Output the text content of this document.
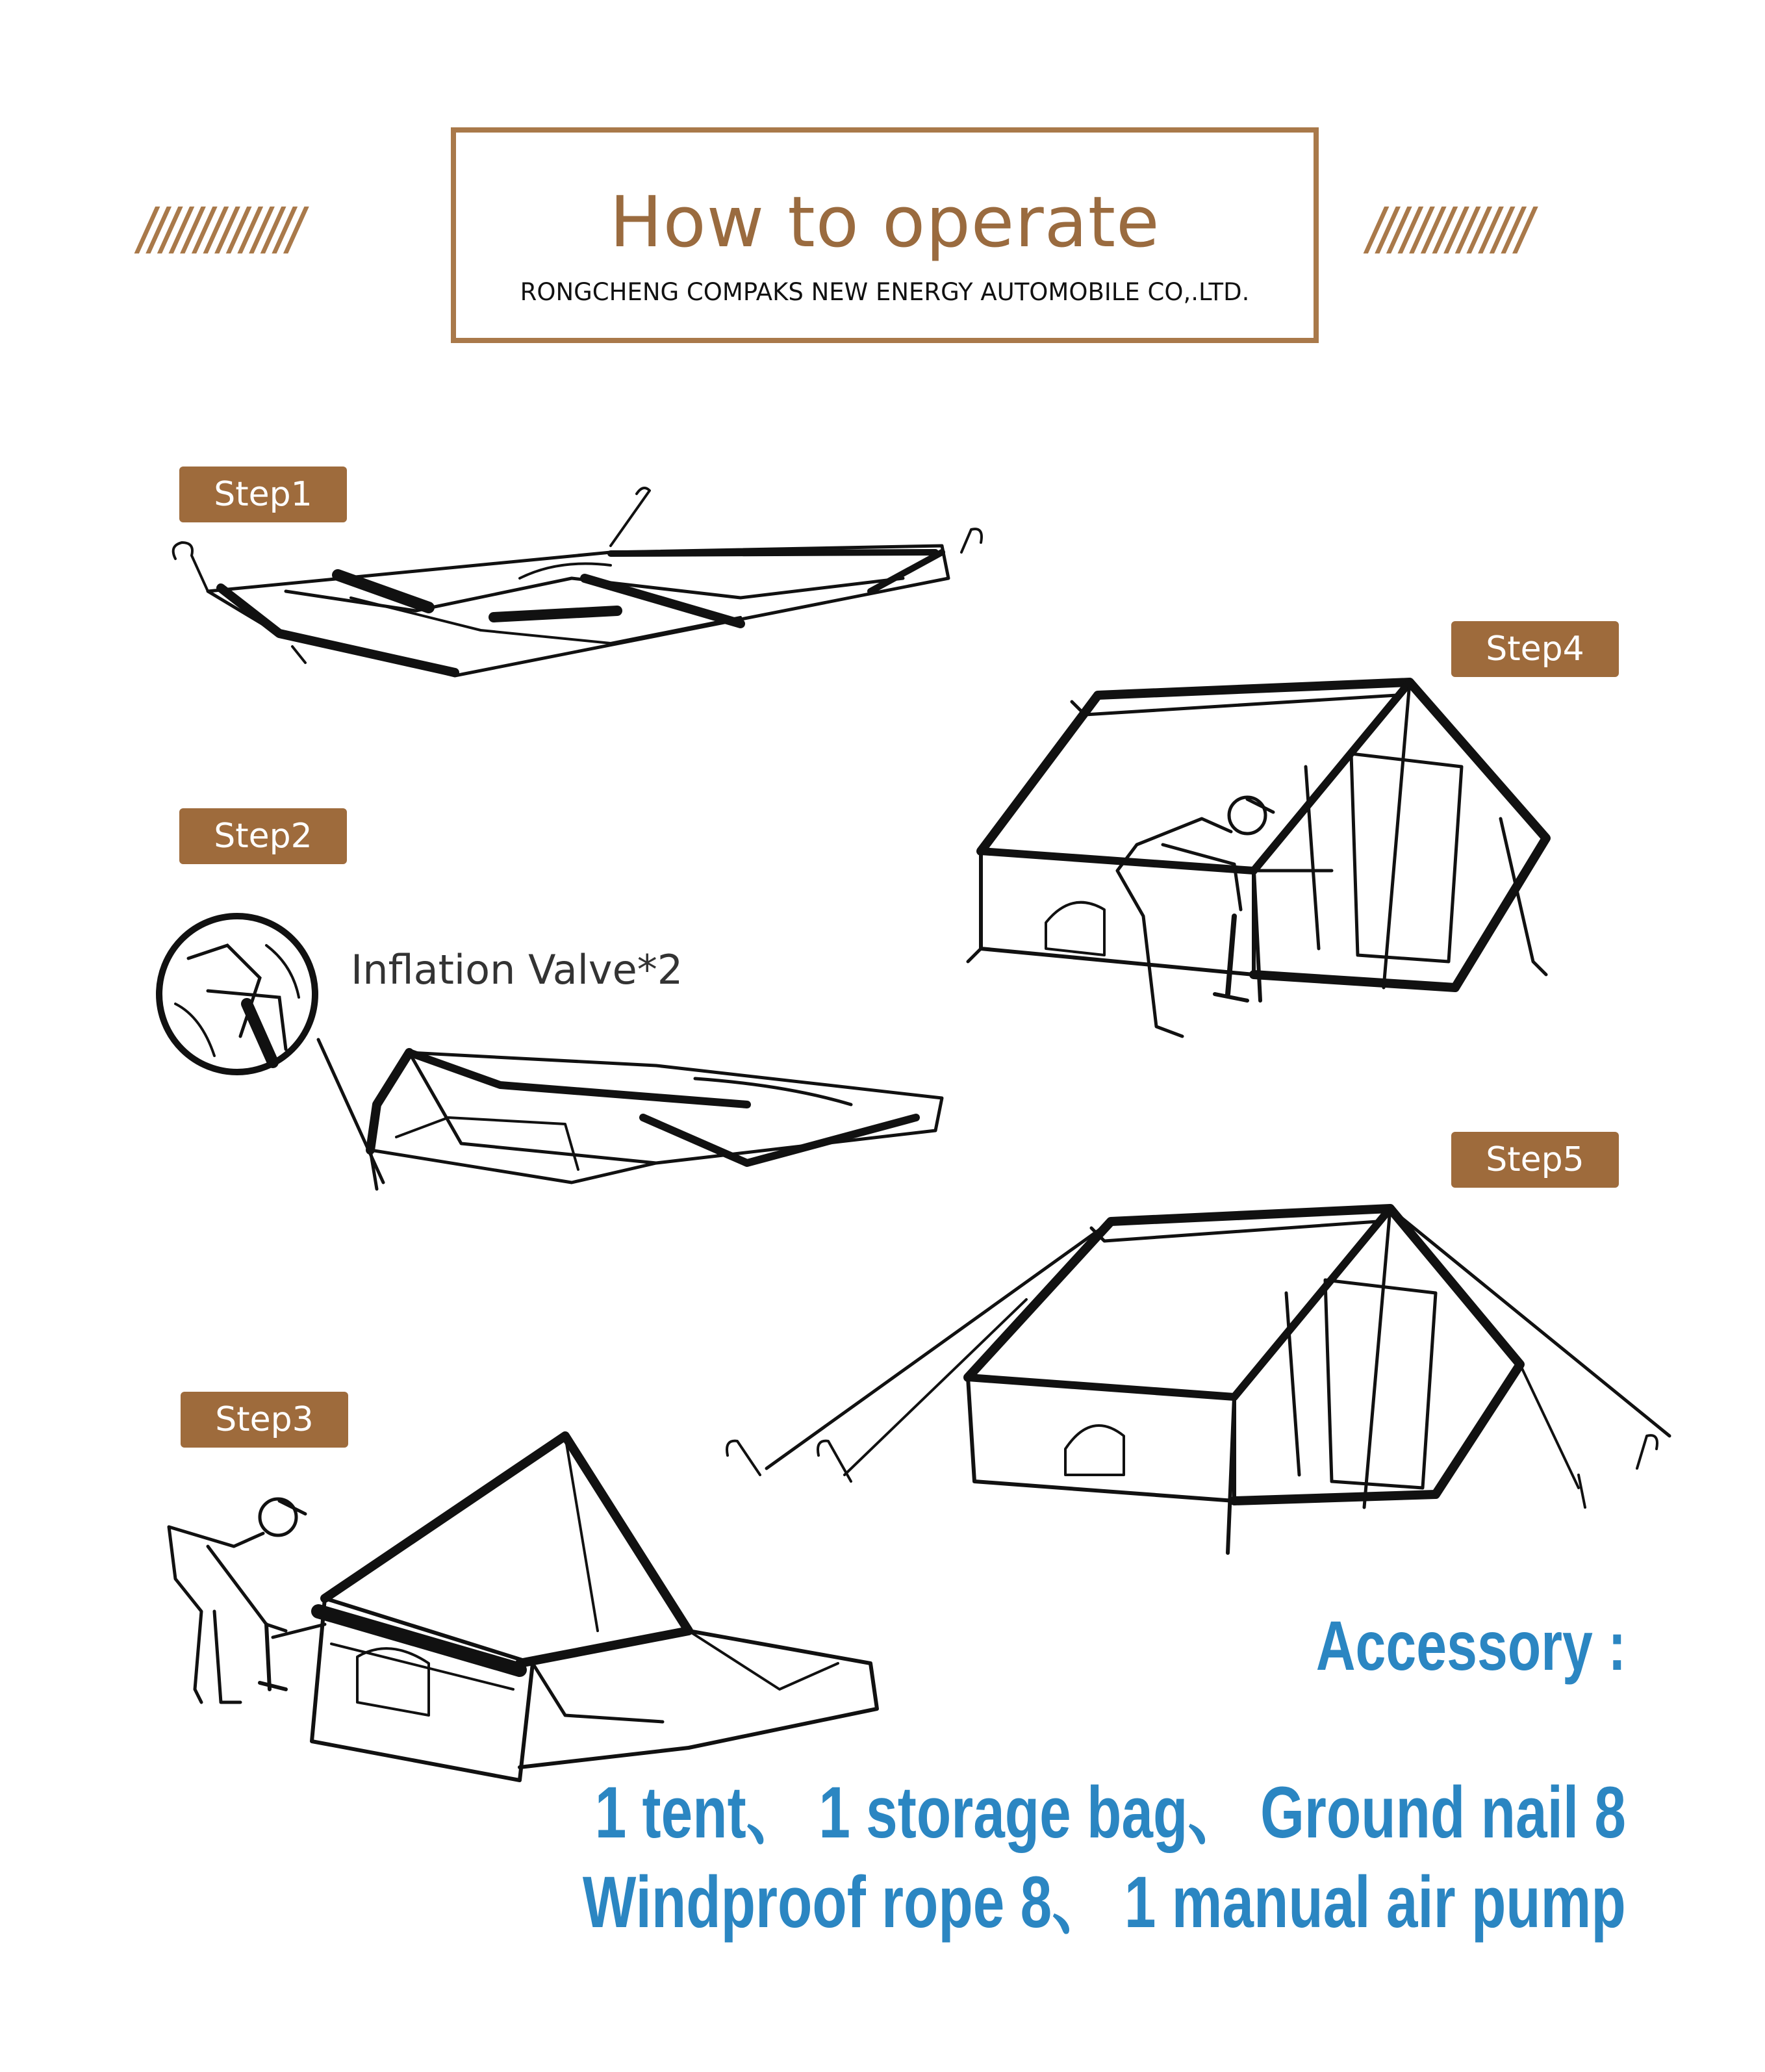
//////////////	//////////////
How to operate
RONGCHENG COMPAKS NEW ENERGY AUTOMOBILE CO,.LTD.
Step1
Step2
Inflation Valve*2
Step3
Step4
Step5
Accessory :
1 tent、 1 storage bag、 Ground nail 8
Windproof rope 8、 1 manual air pump
